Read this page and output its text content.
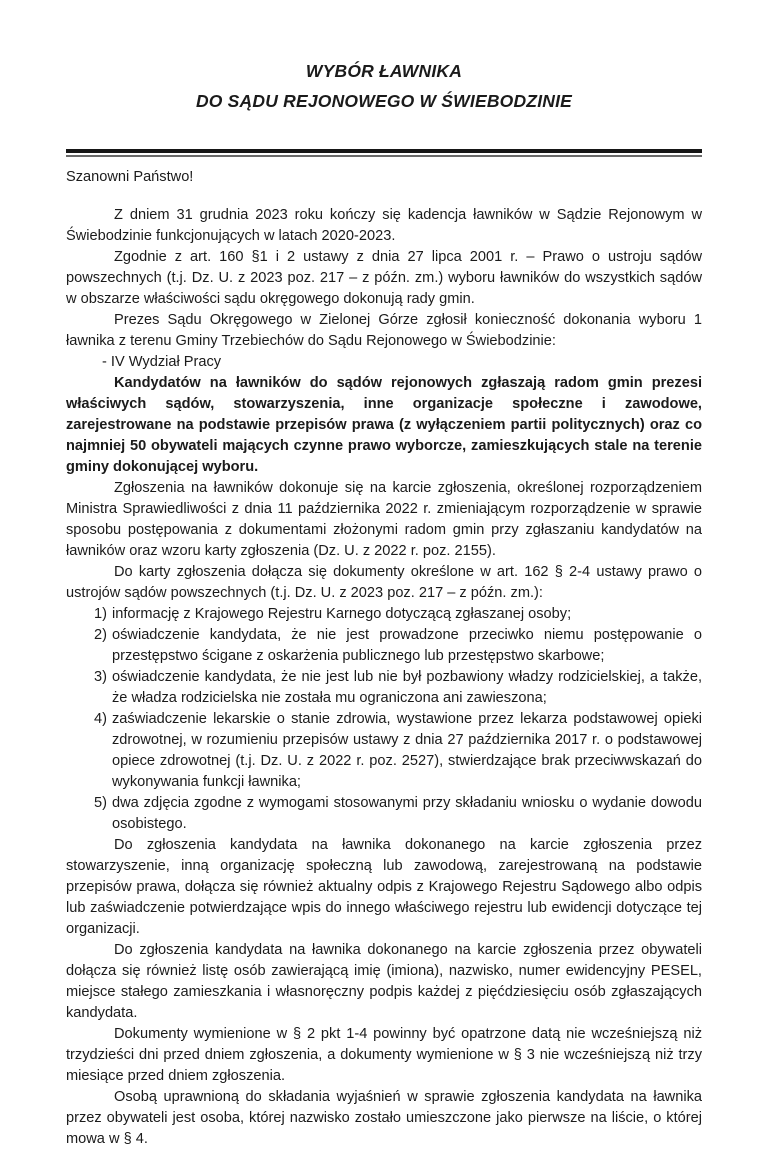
WYBÓR ŁAWNIKA
DO SĄDU REJONOWEGO W ŚWIEBODZINIE

Szanowni Państwo!

Z dniem 31 grudnia 2023 roku kończy się kadencja ławników w Sądzie Rejonowym w Świebodzinie funkcjonujących w latach 2020-2023.

Zgodnie z art. 160 §1 i 2 ustawy z dnia 27 lipca 2001 r. – Prawo o ustroju sądów powszechnych (t.j. Dz. U. z 2023 poz. 217 – z późn. zm.) wyboru ławników do wszystkich sądów w obszarze właściwości sądu okręgowego dokonują rady gmin.

Prezes Sądu Okręgowego w Zielonej Górze zgłosił konieczność dokonania wyboru 1 ławnika z terenu Gminy Trzebiechów do Sądu Rejonowego w Świebodzinie:

- IV Wydział Pracy

Kandydatów na ławników do sądów rejonowych zgłaszają radom gmin prezesi właściwych sądów, stowarzyszenia, inne organizacje społeczne i zawodowe, zarejestrowane na podstawie przepisów prawa (z wyłączeniem partii politycznych) oraz co najmniej 50 obywateli mających czynne prawo wyborcze, zamieszkujących stale na terenie gminy dokonującej wyboru.

Zgłoszenia na ławników dokonuje się na karcie zgłoszenia, określonej rozporządzeniem Ministra Sprawiedliwości z dnia 11 października 2022 r. zmieniającym rozporządzenie w sprawie sposobu postępowania z dokumentami złożonymi radom gmin przy zgłaszaniu kandydatów na ławników oraz wzoru karty zgłoszenia (Dz. U. z 2022 r. poz. 2155).

Do karty zgłoszenia dołącza się dokumenty określone w art. 162 § 2-4 ustawy prawo o ustrojów sądów powszechnych (t.j. Dz. U. z 2023 poz. 217 – z późn. zm.):

1) informację z Krajowego Rejestru Karnego dotyczącą zgłaszanej osoby;
2) oświadczenie kandydata, że nie jest prowadzone przeciwko niemu postępowanie o przestępstwo ścigane z oskarżenia publicznego lub przestępstwo skarbowe;
3) oświadczenie kandydata, że nie jest lub nie był pozbawiony władzy rodzicielskiej, a także, że władza rodzicielska nie została mu ograniczona ani zawieszona;
4) zaświadczenie lekarskie o stanie zdrowia, wystawione przez lekarza podstawowej opieki zdrowotnej, w rozumieniu przepisów ustawy z dnia 27 października 2017 r. o podstawowej opiece zdrowotnej (t.j. Dz. U. z 2022 r. poz. 2527), stwierdzające brak przeciwwskazań do wykonywania funkcji ławnika;
5) dwa zdjęcia zgodne z wymogami stosowanymi przy składaniu wniosku o wydanie dowodu osobistego.

Do zgłoszenia kandydata na ławnika dokonanego na karcie zgłoszenia przez stowarzyszenie, inną organizację społeczną lub zawodową, zarejestrowaną na podstawie przepisów prawa, dołącza się również aktualny odpis z Krajowego Rejestru Sądowego albo odpis lub zaświadczenie potwierdzające wpis do innego właściwego rejestru lub ewidencji dotyczące tej organizacji.

Do zgłoszenia kandydata na ławnika dokonanego na karcie zgłoszenia przez obywateli dołącza się również listę osób zawierającą imię (imiona), nazwisko, numer ewidencyjny PESEL, miejsce stałego zamieszkania i własnoręczny podpis każdej z pięćdziesięciu osób zgłaszających kandydata.

Dokumenty wymienione w § 2 pkt 1-4 powinny być opatrzone datą nie wcześniejszą niż trzydzieści dni przed dniem zgłoszenia, a dokumenty wymienione w § 3 nie wcześniejszą niż trzy miesiące przed dniem zgłoszenia.

Osobą uprawnioną do składania wyjaśnień w sprawie zgłoszenia kandydata na ławnika przez obywateli jest osoba, której nazwisko zostało umieszczone jako pierwsze na liście, o której mowa w § 4.
